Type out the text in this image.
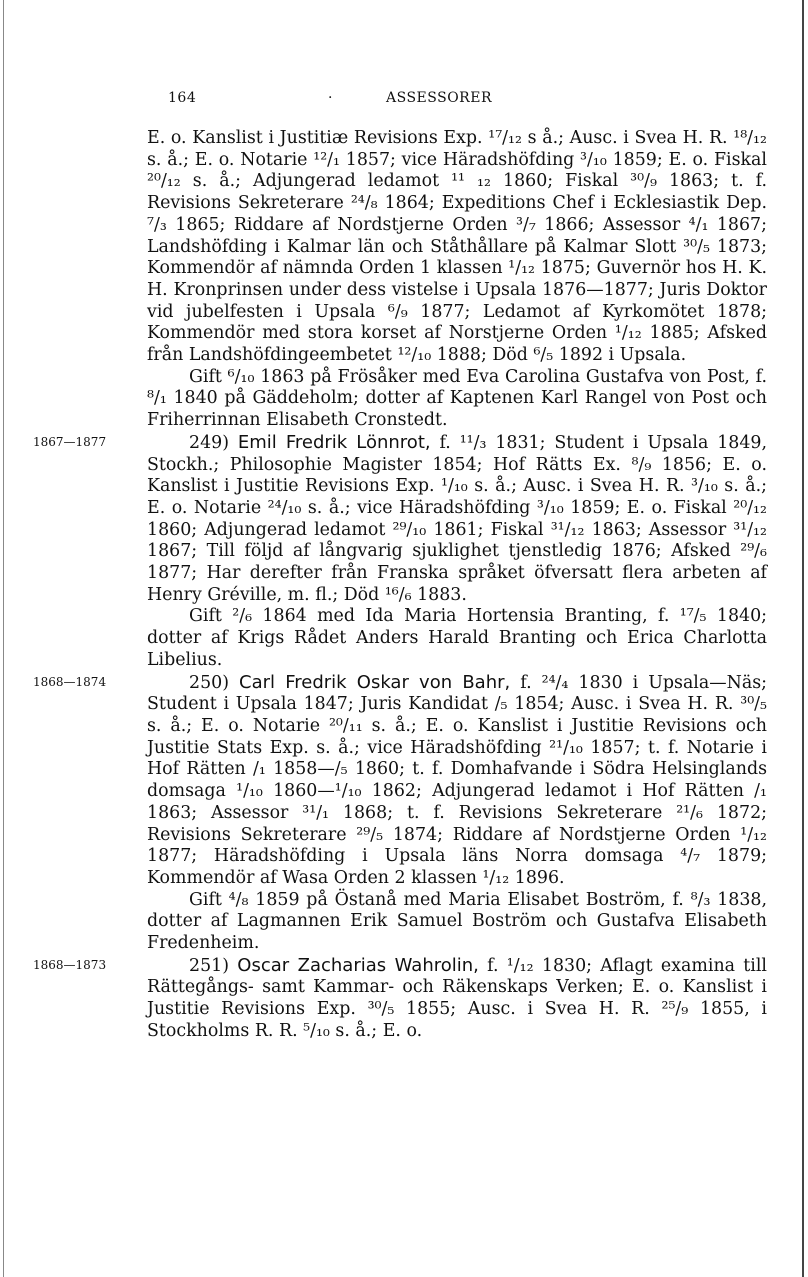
164	·	ASSESSORER

E. o. Kanslist i Justitiæ Revisions Exp. ¹⁷/₁₂ s å.; Ausc. i Svea H. R. ¹⁸/₁₂ s. å.; E. o. Notarie ¹²/₁ 1857; vice Häradshöfding ³/₁₀ 1859; E. o. Fiskal ²⁰/₁₂ s. å.; Adjungerad ledamot ¹¹ ₁₂ 1860; Fiskal ³⁰/₉ 1863; t. f. Revisions Sekreterare ²⁴/₈ 1864; Expeditions Chef i Ecklesiastik Dep. ⁷/₃ 1865; Riddare af Nordstjerne Orden ³/₇ 1866; Assessor ⁴/₁ 1867; Landshöfding i Kalmar län och Ståthållare på Kalmar Slott ³⁰/₅ 1873; Kommendör af nämnda Orden 1 klassen ¹/₁₂ 1875; Guvernör hos H. K. H. Kronprinsen under dess vistelse i Upsala 1876—1877; Juris Doktor vid jubelfesten i Upsala ⁶/₉ 1877; Ledamot af Kyrkomötet 1878; Kommendör med stora korset af Norstjerne Orden ¹/₁₂ 1885; Afsked från Landshöfdingeembetet ¹²/₁₀ 1888; Död ⁶/₅ 1892 i Upsala.

Gift ⁶/₁₀ 1863 på Frösåker med Eva Carolina Gustafva von Post, f. ⁸/₁ 1840 på Gäddeholm; dotter af Kaptenen Karl Rangel von Post och Friherrinnan Elisabeth Cronstedt.

1867—1877	249) Emil Fredrik Lönnrot, f. ¹¹/₃ 1831; Student i Upsala 1849, Stockh.; Philosophie Magister 1854; Hof Rätts Ex. ⁸/₉ 1856; E. o. Kanslist i Justitie Revisions Exp. ¹/₁₀ s. å.; Ausc. i Svea H. R. ³/₁₀ s. å.; E. o. Notarie ²⁴/₁₀ s. å.; vice Häradshöfding ³/₁₀ 1859; E. o. Fiskal ²⁰/₁₂ 1860; Adjungerad ledamot ²⁹/₁₀ 1861; Fiskal ³¹/₁₂ 1863; Assessor ³¹/₁₂ 1867; Till följd af långvarig sjuklighet tjenstledig 1876; Afsked ²⁹/₆ 1877; Har derefter från Franska språket öfversatt flera arbeten af Henry Gréville, m. fl.; Död ¹⁶/₆ 1883.

Gift ²/₆ 1864 med Ida Maria Hortensia Branting, f. ¹⁷/₅ 1840; dotter af Krigs Rådet Anders Harald Branting och Erica Charlotta Libelius.

1868—1874	250) Carl Fredrik Oskar von Bahr, f. ²⁴/₄ 1830 i Upsala—Näs; Student i Upsala 1847; Juris Kandidat /₅ 1854; Ausc. i Svea H. R. ³⁰/₅ s. å.; E. o. Notarie ²⁰/₁₁ s. å.; E. o. Kanslist i Justitie Revisions och Justitie Stats Exp. s. å.; vice Häradshöfding ²¹/₁₀ 1857; t. f. Notarie i Hof Rätten /₁ 1858—/₅ 1860; t. f. Domhafvande i Södra Helsinglands domsaga ¹/₁₀ 1860—¹/₁₀ 1862; Adjungerad ledamot i Hof Rätten /₁ 1863; Assessor ³¹/₁ 1868; t. f. Revisions Sekreterare ²¹/₆ 1872; Revisions Sekreterare ²⁹/₅ 1874; Riddare af Nordstjerne Orden ¹/₁₂ 1877; Häradshöfding i Upsala läns Norra domsaga ⁴/₇ 1879; Kommendör af Wasa Orden 2 klassen ¹/₁₂ 1896.

Gift ⁴/₈ 1859 på Östanå med Maria Elisabet Boström, f. ⁸/₃ 1838, dotter af Lagmannen Erik Samuel Boström och Gustafva Elisabeth Fredenheim.

1868—1873	251) Oscar Zacharias Wahrolin, f. ¹/₁₂ 1830; Aflagt examina till Rättegångs- samt Kammar- och Räkenskaps Verken; E. o. Kanslist i Justitie Revisions Exp. ³⁰/₅ 1855; Ausc. i Svea H. R. ²⁵/₉ 1855, i Stockholms R. R. ⁵/₁₀ s. å.; E. o.
